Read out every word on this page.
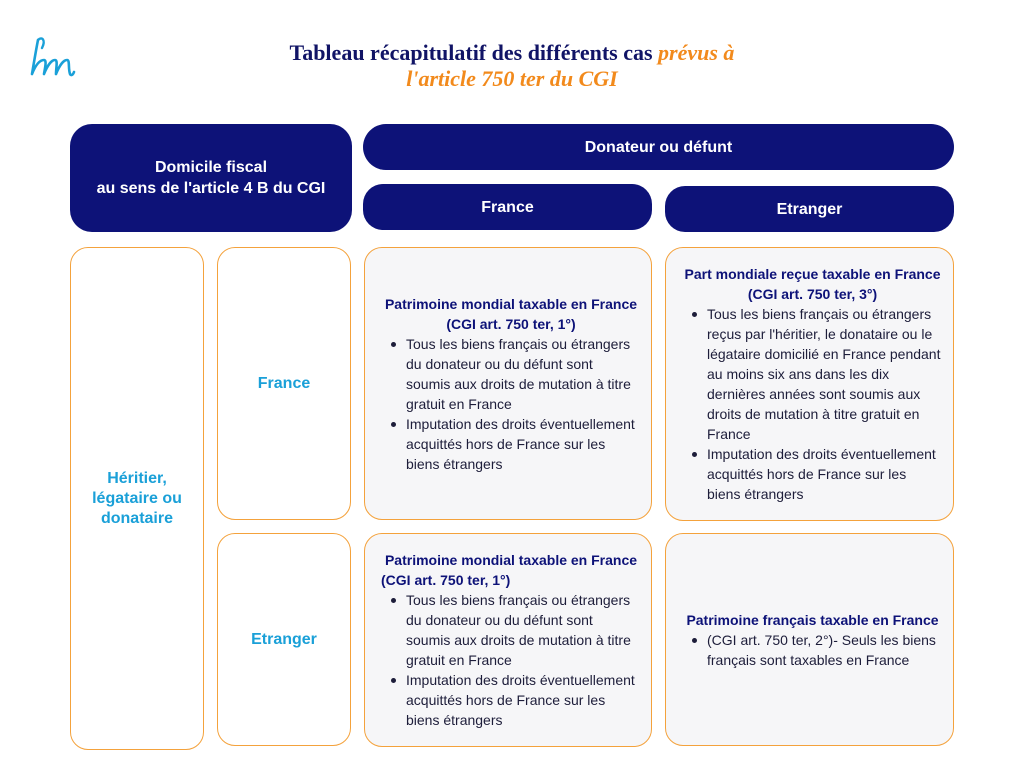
Tableau récapitulatif des différents cas prévus à
l'article 750 ter du CGI
Domicile fiscal
au sens de l'article 4 B du CGI
Donateur ou défunt
France	Etranger
Héritier,
légataire ou
donataire
France
Etranger
Patrimoine mondial taxable en France
(CGI art. 750 ter, 1°)
Tous les biens français ou étrangers du donateur ou du défunt sont soumis aux droits de mutation à titre gratuit en France
Imputation des droits éventuellement acquittés hors de France sur les biens étrangers
Part mondiale reçue taxable en France
(CGI art. 750 ter, 3°)
Tous les biens français ou étrangers reçus par l'héritier, le donataire ou le légataire domicilié en France pendant au moins six ans dans les dix dernières années sont soumis aux droits de mutation à titre gratuit en France
Imputation des droits éventuellement acquittés hors de France sur les biens étrangers
Patrimoine mondial taxable en France
(CGI art. 750 ter, 1°)
Tous les biens français ou étrangers du donateur ou du défunt sont soumis aux droits de mutation à titre gratuit en France
Imputation des droits éventuellement acquittés hors de France sur les biens étrangers
Patrimoine français taxable en France
(CGI art. 750 ter, 2°)- Seuls les biens français sont taxables en France
